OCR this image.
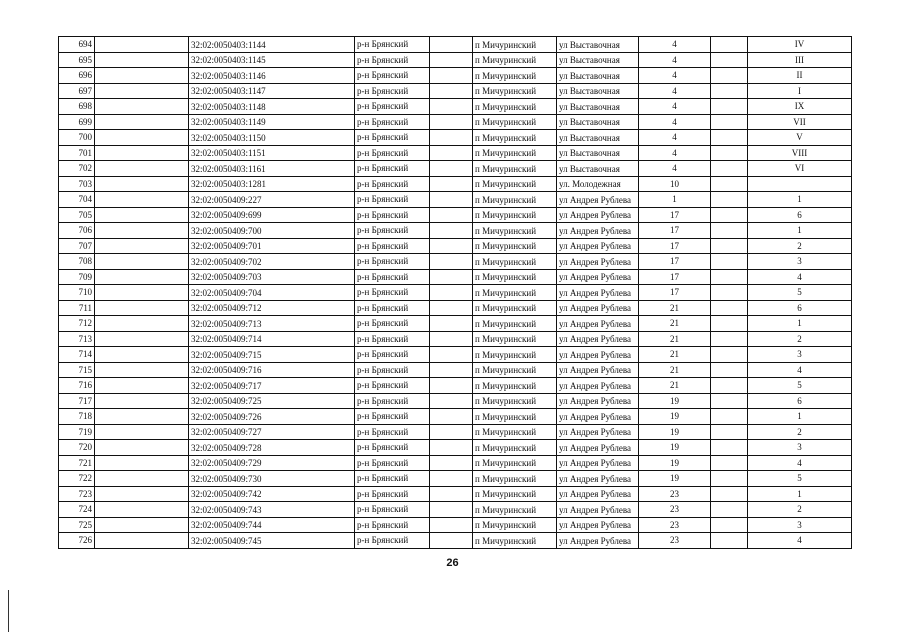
694		32:02:0050403:1144	р-н Брянский		п Мичуринский	ул Выставочная	4		IV
695		32:02:0050403:1145	р-н Брянский		п Мичуринский	ул Выставочная	4		III
696		32:02:0050403:1146	р-н Брянский		п Мичуринский	ул Выставочная	4		II
697		32:02:0050403:1147	р-н Брянский		п Мичуринский	ул Выставочная	4		I
698		32:02:0050403:1148	р-н Брянский		п Мичуринский	ул Выставочная	4		IX
699		32:02:0050403:1149	р-н Брянский		п Мичуринский	ул Выставочная	4		VII
700		32:02:0050403:1150	р-н Брянский		п Мичуринский	ул Выставочная	4		V
701		32:02:0050403:1151	р-н Брянский		п Мичуринский	ул Выставочная	4		VIII
702		32:02:0050403:1161	р-н Брянский		п Мичуринский	ул Выставочная	4		VI
703		32:02:0050403:1281	р-н Брянский		п Мичуринский	ул. Молодежная	10		
704		32:02:0050409:227	р-н Брянский		п Мичуринский	ул Андрея Рублева	1		1
705		32:02:0050409:699	р-н Брянский		п Мичуринский	ул Андрея Рублева	17		6
706		32:02:0050409:700	р-н Брянский		п Мичуринский	ул Андрея Рублева	17		1
707		32:02:0050409:701	р-н Брянский		п Мичуринский	ул Андрея Рублева	17		2
708		32:02:0050409:702	р-н Брянский		п Мичуринский	ул Андрея Рублева	17		3
709		32:02:0050409:703	р-н Брянский		п Мичуринский	ул Андрея Рублева	17		4
710		32:02:0050409:704	р-н Брянский		п Мичуринский	ул Андрея Рублева	17		5
711		32:02:0050409:712	р-н Брянский		п Мичуринский	ул Андрея Рублева	21		6
712		32:02:0050409:713	р-н Брянский		п Мичуринский	ул Андрея Рублева	21		1
713		32:02:0050409:714	р-н Брянский		п Мичуринский	ул Андрея Рублева	21		2
714		32:02:0050409:715	р-н Брянский		п Мичуринский	ул Андрея Рублева	21		3
715		32:02:0050409:716	р-н Брянский		п Мичуринский	ул Андрея Рублева	21		4
716		32:02:0050409:717	р-н Брянский		п Мичуринский	ул Андрея Рублева	21		5
717		32:02:0050409:725	р-н Брянский		п Мичуринский	ул Андрея Рублева	19		6
718		32:02:0050409:726	р-н Брянский		п Мичуринский	ул Андрея Рублева	19		1
719		32:02:0050409:727	р-н Брянский		п Мичуринский	ул Андрея Рублева	19		2
720		32:02:0050409:728	р-н Брянский		п Мичуринский	ул Андрея Рублева	19		3
721		32:02:0050409:729	р-н Брянский		п Мичуринский	ул Андрея Рублева	19		4
722		32:02:0050409:730	р-н Брянский		п Мичуринский	ул Андрея Рублева	19		5
723		32:02:0050409:742	р-н Брянский		п Мичуринский	ул Андрея Рублева	23		1
724		32:02:0050409:743	р-н Брянский		п Мичуринский	ул Андрея Рублева	23		2
725		32:02:0050409:744	р-н Брянский		п Мичуринский	ул Андрея Рублева	23		3
726		32:02:0050409:745	р-н Брянский		п Мичуринский	ул Андрея Рублева	23		4
26
